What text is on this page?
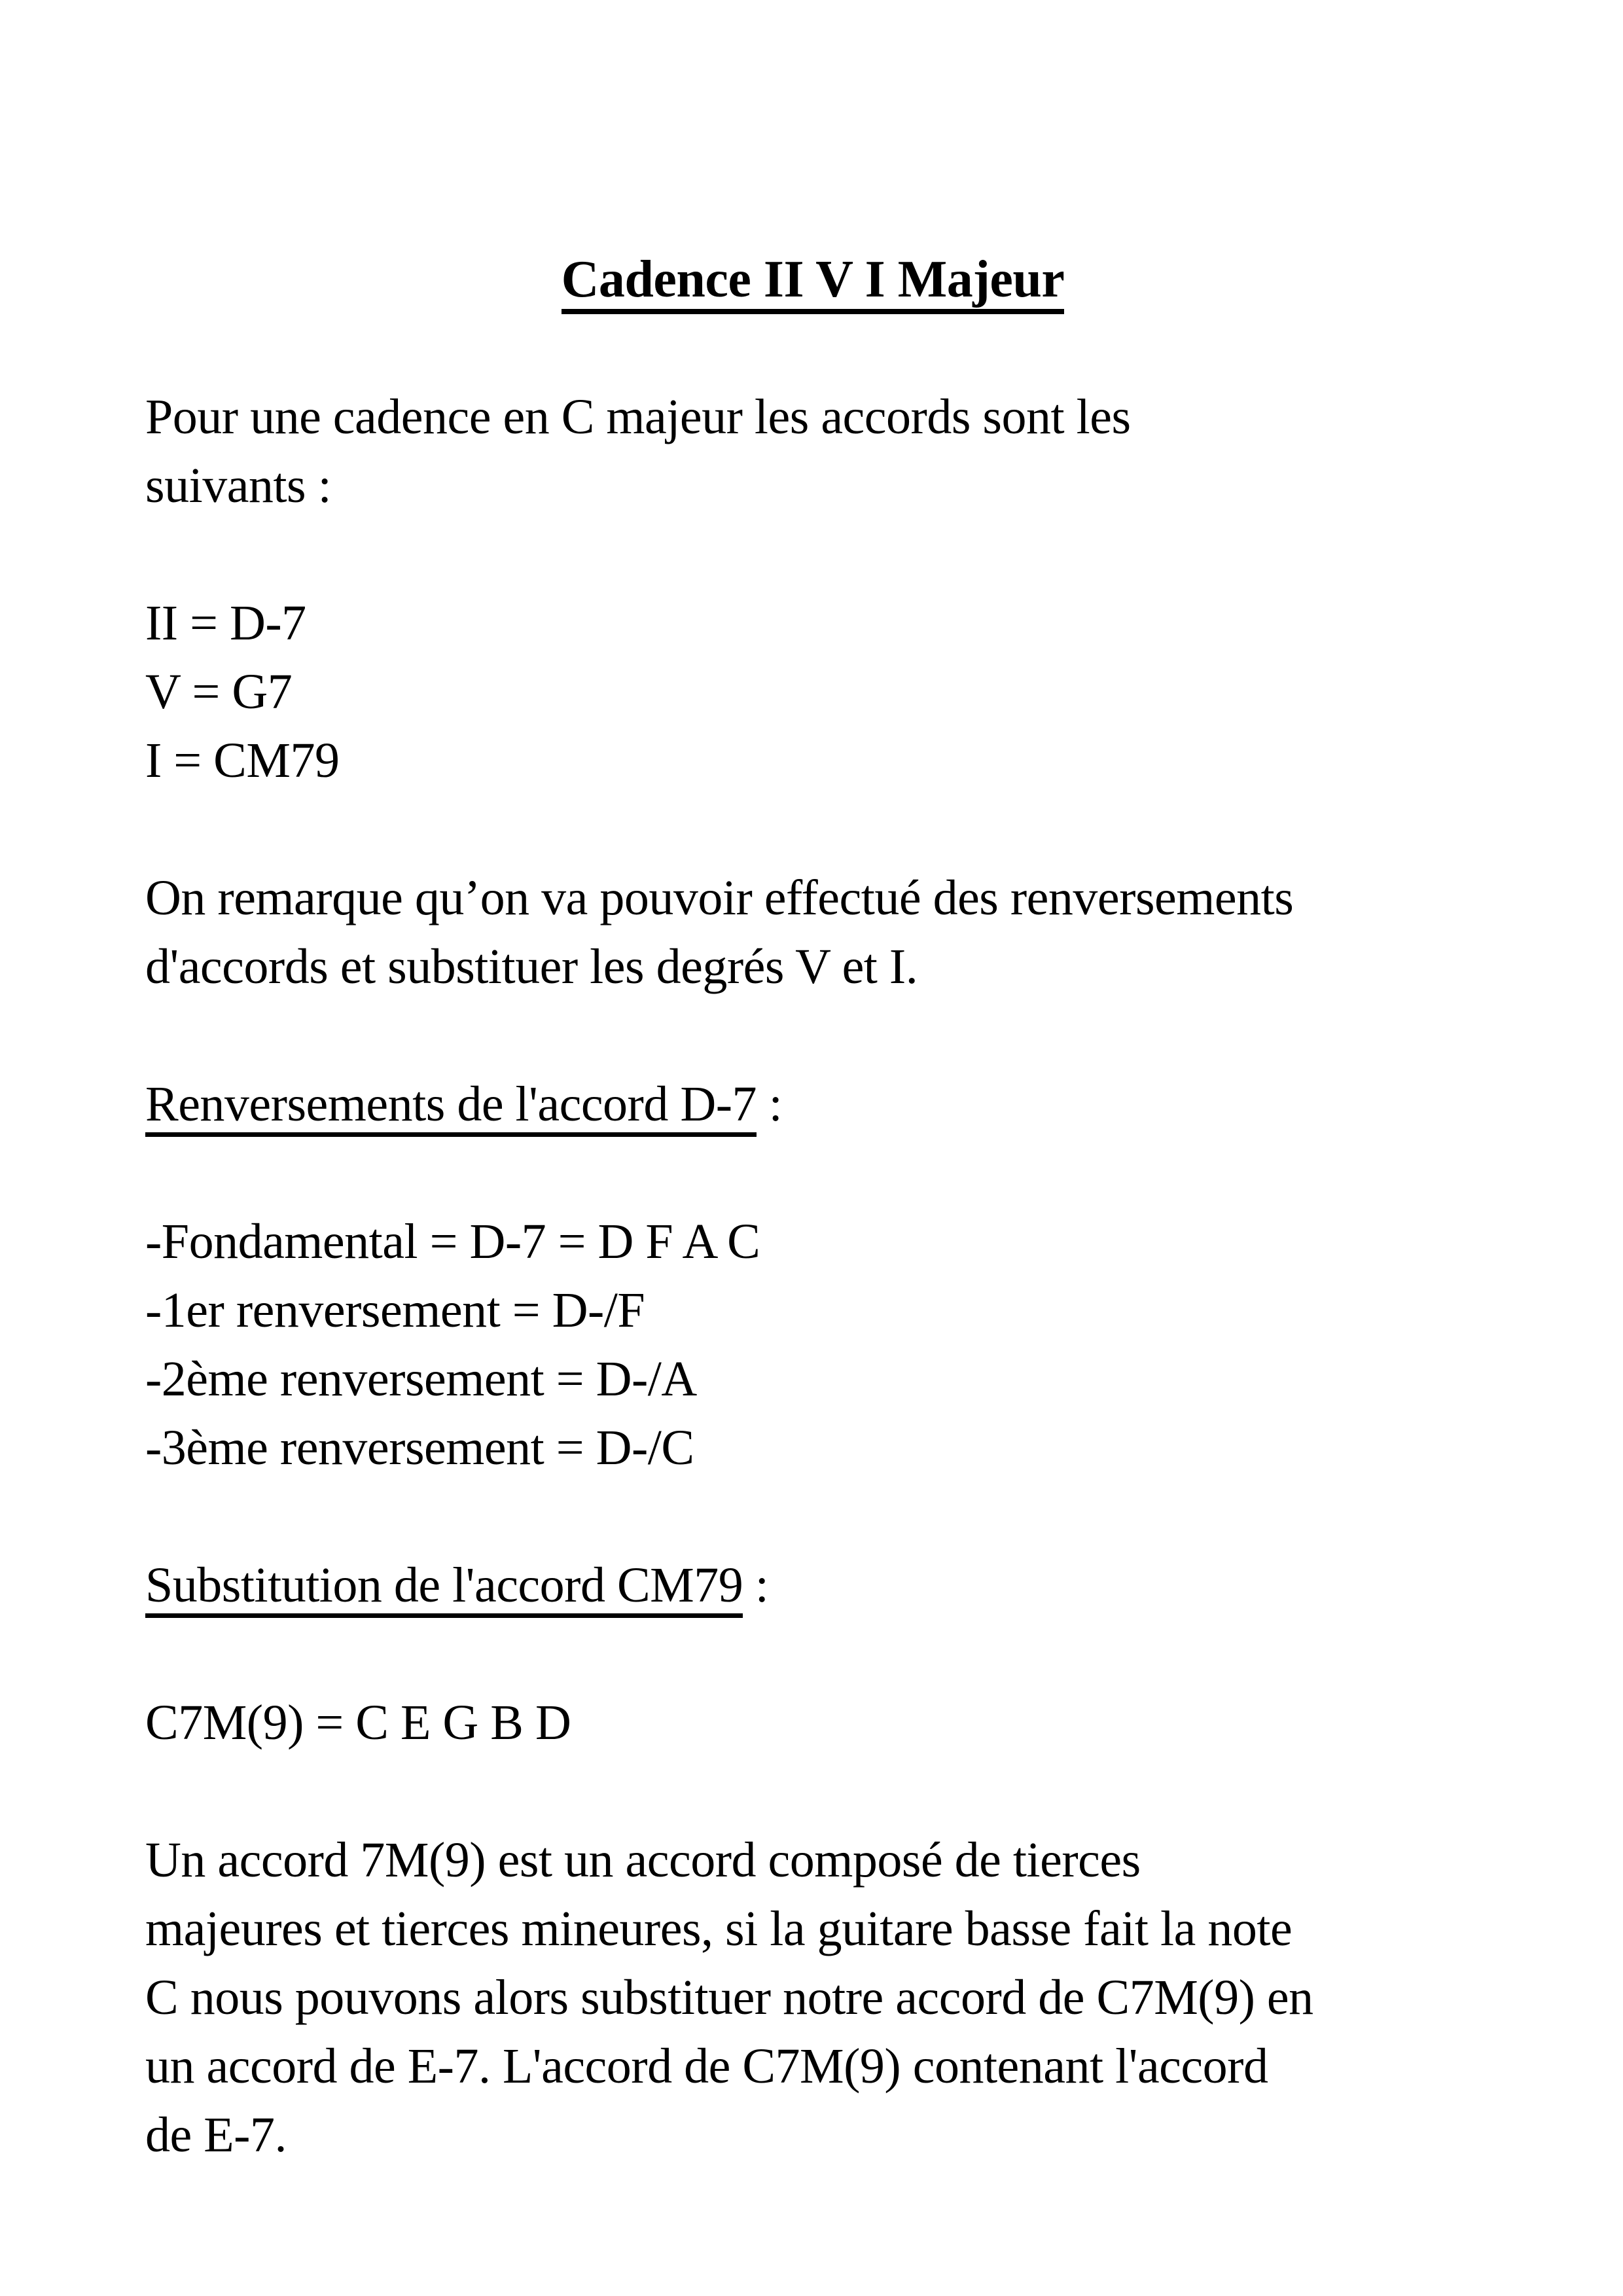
Cadence II V I Majeur

Pour une cadence en C majeur les accords sont les

suivants :

II = D-7

V = G7

I = CM79

On remarque qu’on va pouvoir effectué des renversements

d'accords et substituer les degrés V et I.

Renversements de l'accord D-7 :

-Fondamental = D-7 = D F A C

-1er renversement = D-/F

-2ème renversement = D-/A

-3ème renversement = D-/C

Substitution de l'accord CM79 :

C7M(9) = C E G B D

Un accord 7M(9) est un accord composé de tierces

majeures et tierces mineures, si la guitare basse fait la note

C nous pouvons alors substituer notre accord de C7M(9) en

un accord de E-7. L'accord de C7M(9) contenant l'accord

de E-7.
